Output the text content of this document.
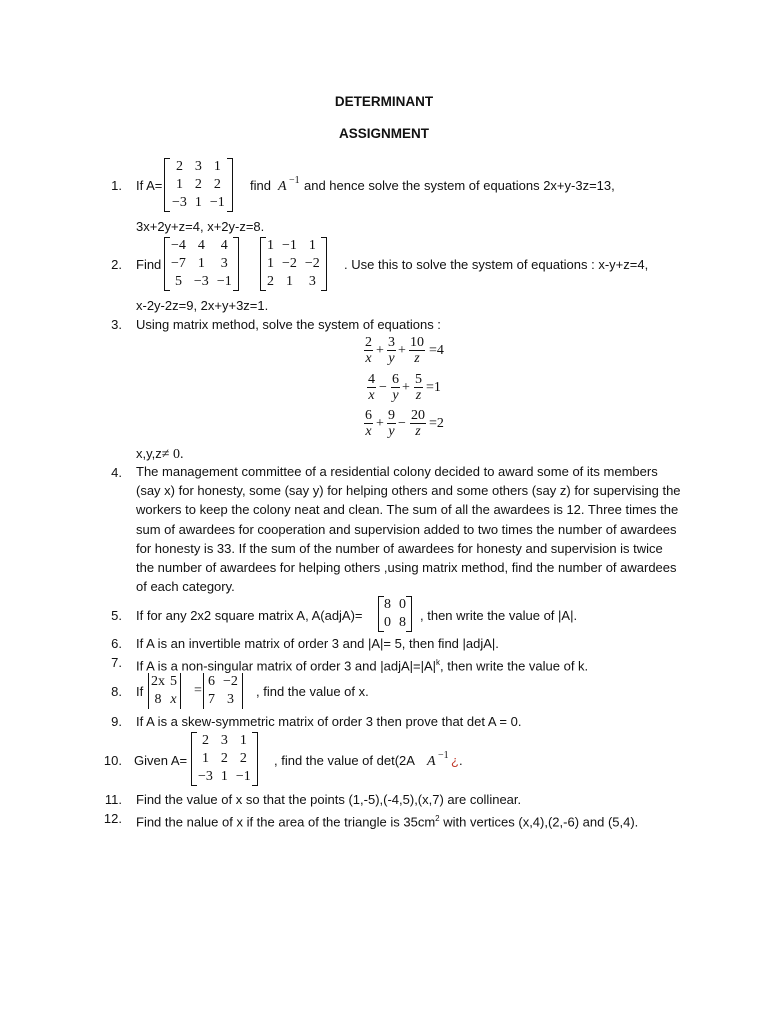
DETERMINANT
ASSIGNMENT
1. If A=
2	3	1
1	2	2
−3	1	−1
find A −1 and hence solve the system of equations 2x+y-3z=13,
3x+2y+z=4, x+2y-z=8.
2. Find
−4	4	4
−7	1	3
5	−3	−1
1	−1	1
1	−2	−2
2	1	3
. Use this to solve the system of equations : x-y+z=4,
x-2y-2z=9, 2x+y+3z=1.
3. Using matrix method, solve the system of equations :
$\frac{2}{x} + \frac{3}{y} + \frac{10}{z} =4$
$\frac{4}{x} - \frac{6}{y} + \frac{5}{z} =1$
$\frac{6}{x} + \frac{9}{y} - \frac{20}{z} =2$
x,y,z≠ 0.
4. The management committee of a residential colony decided to award some of its members (say x) for honesty, some (say y) for helping others and some others (say z) for supervising the workers to keep the colony neat and clean. The sum of all the awardees is 12. Three times the sum of awardees for cooperation and supervision added to two times the number of awardees for honesty is 33. If the sum of the number of awardees for honesty and supervision is twice the number of awardees for helping others ,using matrix method, find the number of awardees of each category.
5. If for any 2x2 square matrix A, A(adjA)=
8	0
0	8 , then write the value of |A|.
6. If A is an invertible matrix of order 3 and |A|= 5, then find |adjA|.
7. If A is a non-singular matrix of order 3 and $|adjA|=|A|^k$, then write the value of k.
8. If
2x	5
8	x
=
6	−2
7	3
, find the value of x.
9. If A is a skew-symmetric matrix of order 3 then prove that det A = 0.
10. Given A=
2	3	1
1	2	2
−3	1	−1
, find the value of det(2A A −1 ¿ .
11. Find the value of x so that the points (1,-5),(-4,5),(x,7) are collinear.
12. Find the nalue of x if the area of the triangle is $35cm^2$ with vertices (x,4),(2,-6) and (5,4).
